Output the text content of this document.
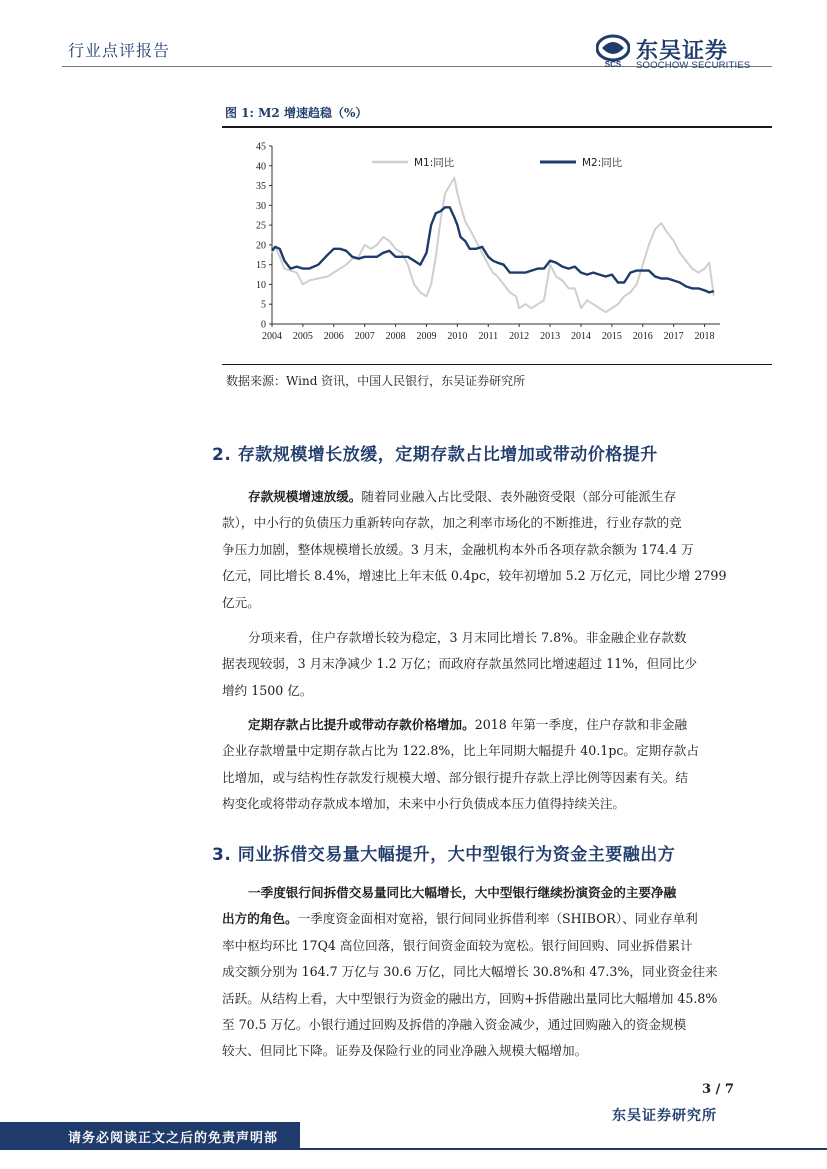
行业点评报告
SCS
东吴证券
SOOCHOW SECURITIES
图 1: M2 增速趋稳（%）
0
5
10
15
20
25
30
35
40
45
2004 2005 2006 2007 2008 2009 2010 2011 2012 2013 2014 2015 2016 2017 2018
M1:同比	M2:同比
数据来源：Wind 资讯，中国人民银行，东吴证券研究所
2. 存款规模增长放缓，定期存款占比增加或带动价格提升
存款规模增速放缓。随着同业融入占比受限、表外融资受限（部分可能派生存
款），中小行的负债压力重新转向存款，加之利率市场化的不断推进，行业存款的竞
争压力加剧，整体规模增长放缓。3 月末，金融机构本外币各项存款余额为 174.4 万
亿元，同比增长 8.4%，增速比上年末低 0.4pc，较年初增加 5.2 万亿元，同比少增 2799
亿元。
分项来看，住户存款增长较为稳定，3 月末同比增长 7.8%。非金融企业存款数
据表现较弱，3 月末净减少 1.2 万亿；而政府存款虽然同比增速超过 11%，但同比少
增约 1500 亿。
定期存款占比提升或带动存款价格增加。2018 年第一季度，住户存款和非金融
企业存款增量中定期存款占比为 122.8%，比上年同期大幅提升 40.1pc。定期存款占
比增加，或与结构性存款发行规模大增、部分银行提升存款上浮比例等因素有关。结
构变化或将带动存款成本增加，未来中小行负债成本压力值得持续关注。
3. 同业拆借交易量大幅提升，大中型银行为资金主要融出方
一季度银行间拆借交易量同比大幅增长，大中型银行继续扮演资金的主要净融
出方的角色。一季度资金面相对宽裕，银行间同业拆借利率（SHIBOR）、同业存单利
率中枢均环比 17Q4 高位回落，银行间资金面较为宽松。银行间回购、同业拆借累计
成交额分别为 164.7 万亿与 30.6 万亿，同比大幅增长 30.8%和 47.3%，同业资金往来
活跃。从结构上看，大中型银行为资金的融出方，回购+拆借融出量同比大幅增加 45.8%
至 70.5 万亿。小银行通过回购及拆借的净融入资金减少，通过回购融入的资金规模
较大、但同比下降。证券及保险行业的同业净融入规模大幅增加。
3 / 7
东吴证券研究所
请务必阅读正文之后的免责声明部
